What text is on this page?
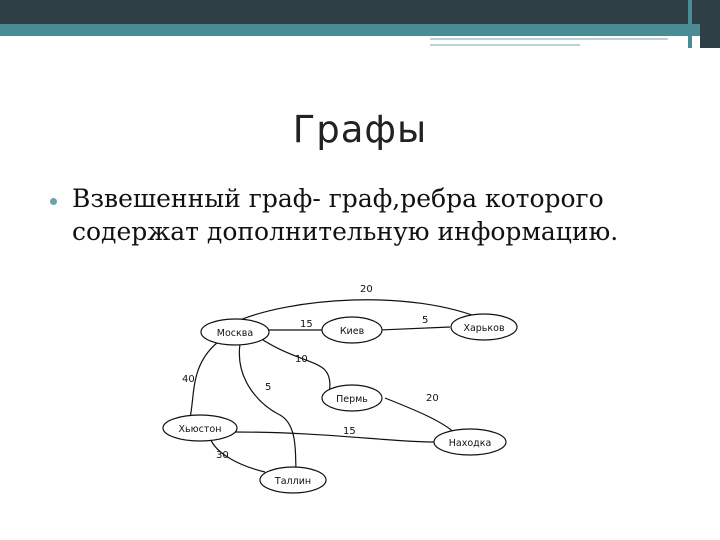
Графы
Взвешенный граф- граф,ребра которого содержат дополнительную информацию.
Москва	Киев	Харьков
Пермь
Хьюстон
Находка
Таллин
20
15	5
10
40
5
20
15
30
